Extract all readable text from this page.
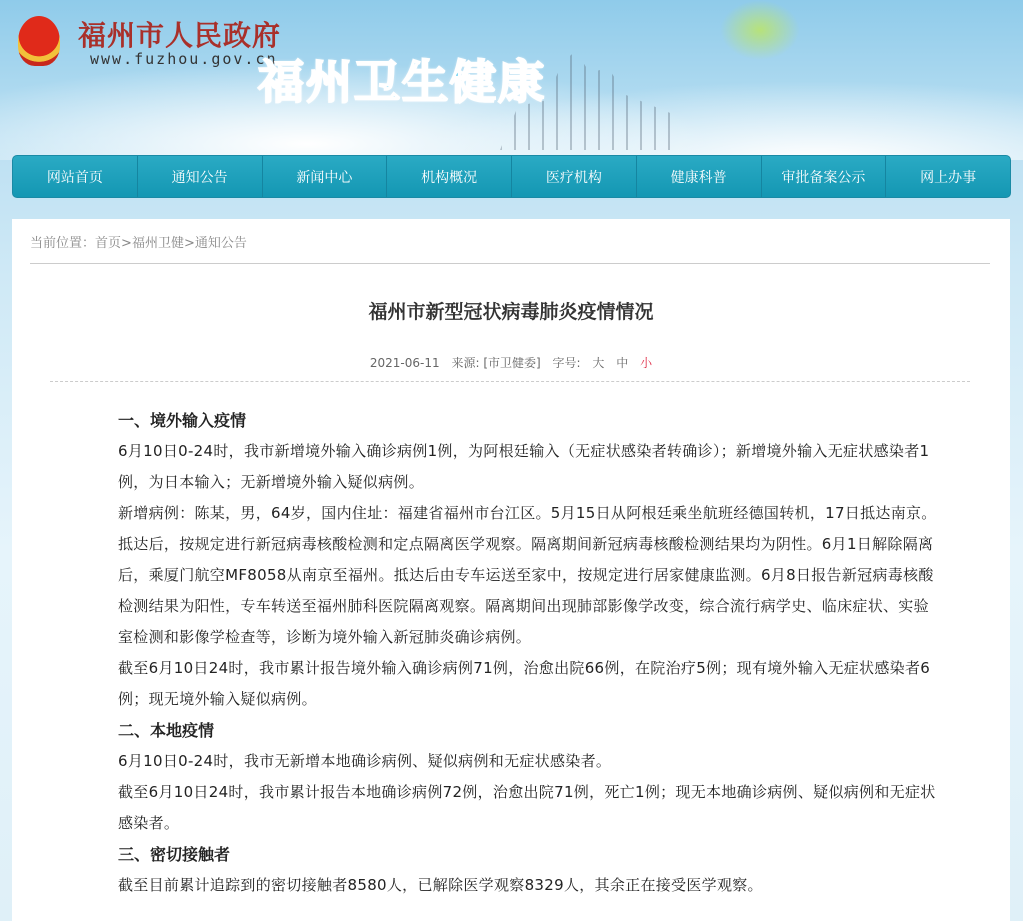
福州市人民政府
www.fuzhou.gov.cn
福州卫生健康
网站首页	通知公告	新闻中心	机构概况	医疗机构	健康科普	审批备案公示	网上办事
当前位置：首页>福州卫健>通知公告
福州市新型冠状病毒肺炎疫情情况
2021-06-11 来源: [市卫健委] 字号: 大 中 小
一、境外输入疫情

6月10日0-24时，我市新增境外输入确诊病例1例，为阿根廷输入（无症状感染者转确诊）；新增境外输入无症状感染者1例，为日本输入；无新增境外输入疑似病例。

新增病例：陈某，男，64岁，国内住址：福建省福州市台江区。5月15日从阿根廷乘坐航班经德国转机，17日抵达南京。抵达后，按规定进行新冠病毒核酸检测和定点隔离医学观察。隔离期间新冠病毒核酸检测结果均为阴性。6月1日解除隔离后，乘厦门航空MF8058从南京至福州。抵达后由专车运送至家中，按规定进行居家健康监测。6月8日报告新冠病毒核酸检测结果为阳性，专车转送至福州肺科医院隔离观察。隔离期间出现肺部影像学改变，综合流行病学史、临床症状、实验室检测和影像学检查等，诊断为境外输入新冠肺炎确诊病例。

截至6月10日24时，我市累计报告境外输入确诊病例71例，治愈出院66例，在院治疗5例；现有境外输入无症状感染者6例；现无境外输入疑似病例。

二、本地疫情

6月10日0-24时，我市无新增本地确诊病例、疑似病例和无症状感染者。

截至6月10日24时，我市累计报告本地确诊病例72例，治愈出院71例，死亡1例；现无本地确诊病例、疑似病例和无症状感染者。

三、密切接触者

截至目前累计追踪到的密切接触者8580人，已解除医学观察8329人，其余正在接受医学观察。
